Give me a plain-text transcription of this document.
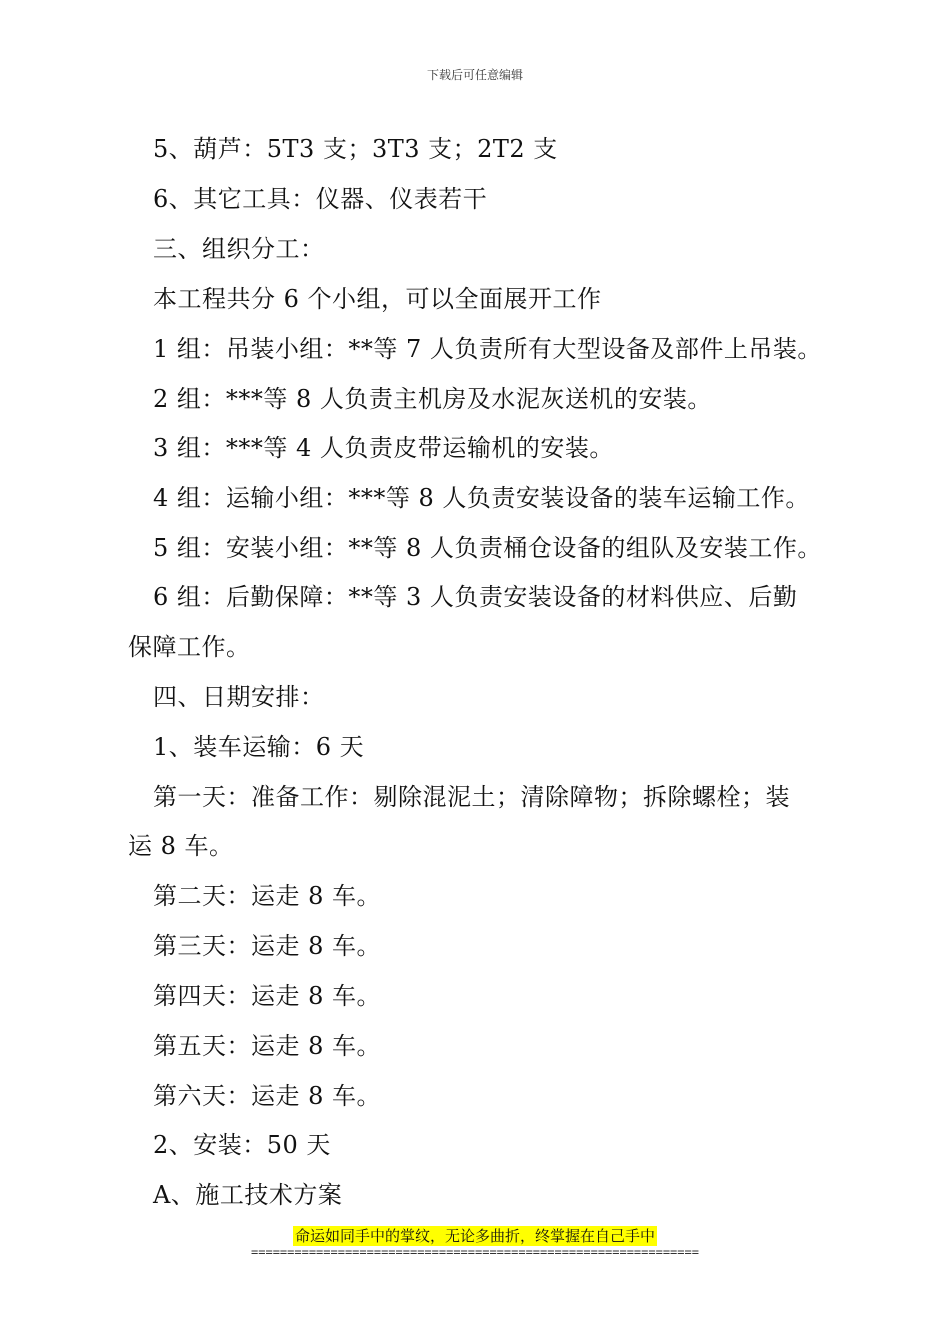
下载后可任意编辑
5、葫芦：5T3 支；3T3 支；2T2 支
6、其它工具：仪器、仪表若干
三、组织分工：
本工程共分 6 个小组，可以全面展开工作
1 组：吊装小组：**等 7 人负责所有大型设备及部件上吊装。
2 组：***等 8 人负责主机房及水泥灰送机的安装。
3 组：***等 4 人负责皮带运输机的安装。
4 组：运输小组：***等 8 人负责安装设备的装车运输工作。
5 组：安装小组：**等 8 人负责桶仓设备的组队及安装工作。
6 组：后勤保障：**等 3 人负责安装设备的材料供应、后勤
保障工作。
四、日期安排：
1、装车运输：6 天
第一天：准备工作：剔除混泥土；清除障物；拆除螺栓；装
运 8 车。
第二天：运走 8 车。
第三天：运走 8 车。
第四天：运走 8 车。
第五天：运走 8 车。
第六天：运走 8 车。
2、安装：50 天
A、施工技术方案
命运如同手中的掌纹，无论多曲折，终掌握在自己手中
==============================================================
